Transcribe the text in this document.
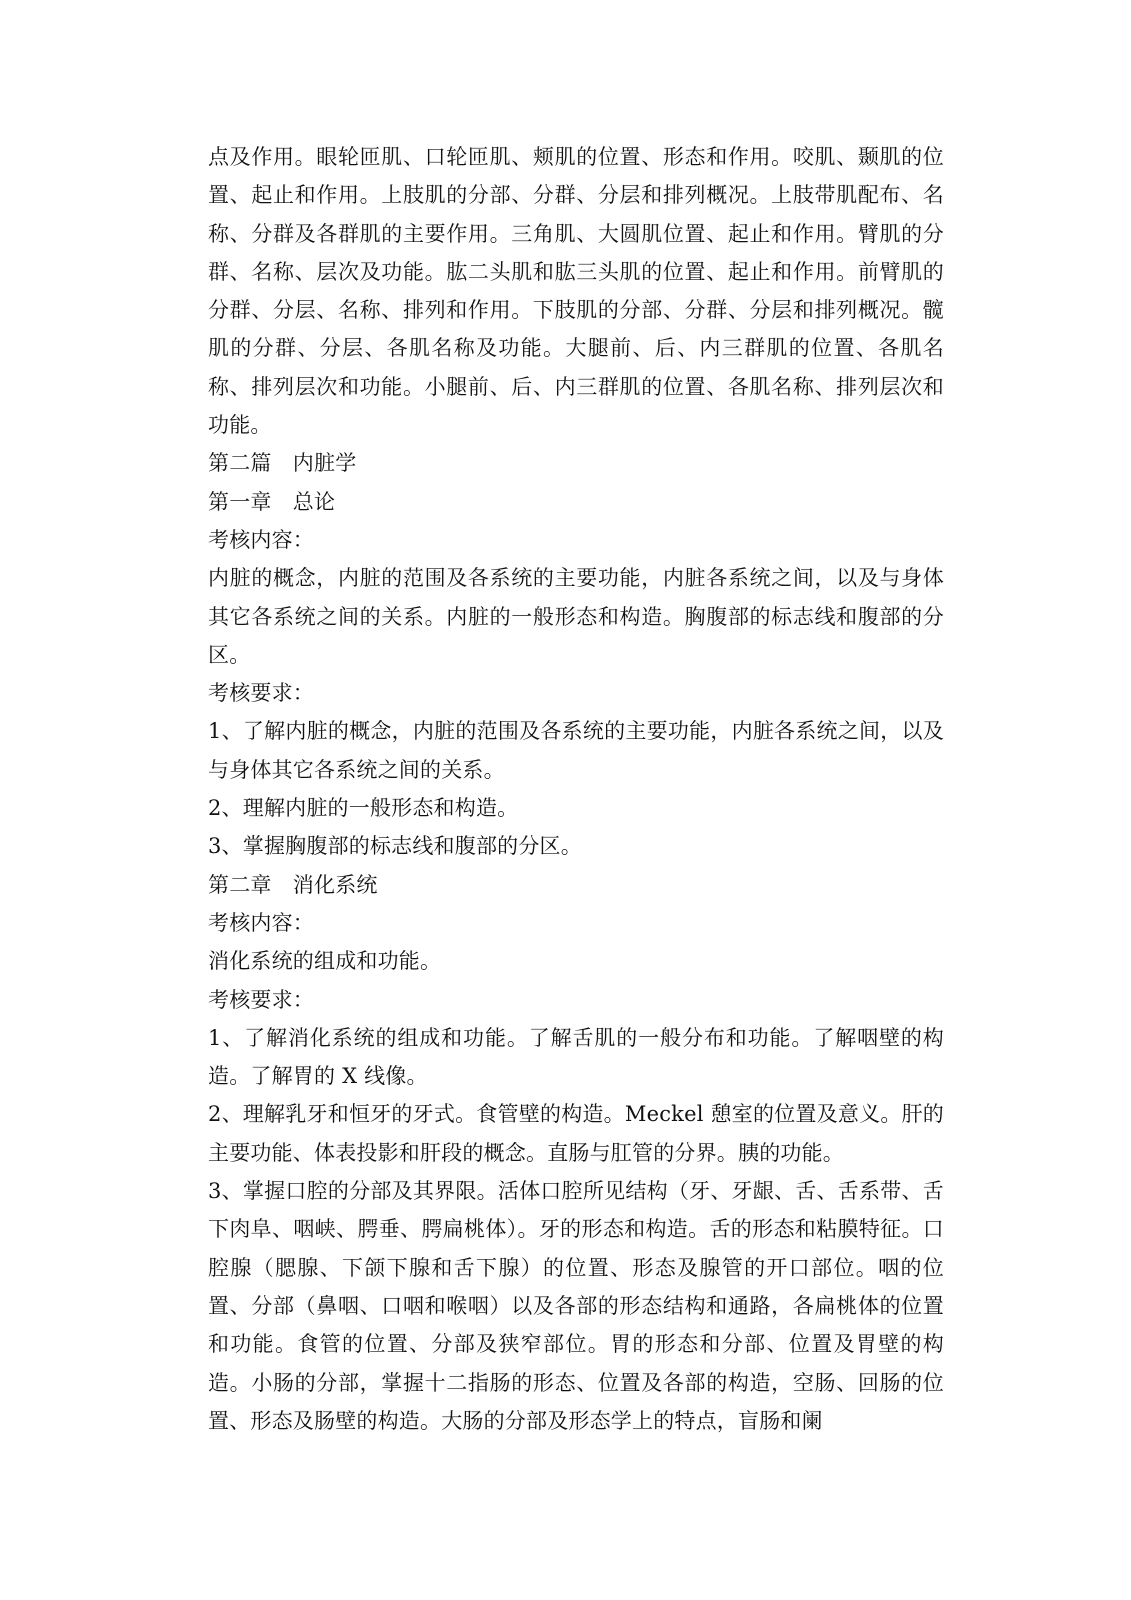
点及作用。眼轮匝肌、口轮匝肌、颊肌的位置、形态和作用。咬肌、颞肌的位置、起止和作用。上肢肌的分部、分群、分层和排列概况。上肢带肌配布、名称、分群及各群肌的主要作用。三角肌、大圆肌位置、起止和作用。臂肌的分群、名称、层次及功能。肱二头肌和肱三头肌的位置、起止和作用。前臂肌的分群、分层、名称、排列和作用。下肢肌的分部、分群、分层和排列概况。髋肌的分群、分层、各肌名称及功能。大腿前、后、内三群肌的位置、各肌名称、排列层次和功能。小腿前、后、内三群肌的位置、各肌名称、排列层次和功能。

第二篇　内脏学

第一章　总论

考核内容：

内脏的概念，内脏的范围及各系统的主要功能，内脏各系统之间，以及与身体其它各系统之间的关系。内脏的一般形态和构造。胸腹部的标志线和腹部的分区。

考核要求：

1、了解内脏的概念，内脏的范围及各系统的主要功能，内脏各系统之间，以及与身体其它各系统之间的关系。

2、理解内脏的一般形态和构造。

3、掌握胸腹部的标志线和腹部的分区。

第二章　消化系统

考核内容：

消化系统的组成和功能。

考核要求：

1、了解消化系统的组成和功能。了解舌肌的一般分布和功能。了解咽壁的构造。了解胃的 X 线像。

2、理解乳牙和恒牙的牙式。食管壁的构造。Meckel 憩室的位置及意义。肝的主要功能、体表投影和肝段的概念。直肠与肛管的分界。胰的功能。

3、掌握口腔的分部及其界限。活体口腔所见结构（牙、牙龈、舌、舌系带、舌下肉阜、咽峡、腭垂、腭扁桃体）。牙的形态和构造。舌的形态和粘膜特征。口腔腺（腮腺、下颌下腺和舌下腺）的位置、形态及腺管的开口部位。咽的位置、分部（鼻咽、口咽和喉咽）以及各部的形态结构和通路，各扁桃体的位置和功能。食管的位置、分部及狭窄部位。胃的形态和分部、位置及胃壁的构造。小肠的分部，掌握十二指肠的形态、位置及各部的构造，空肠、回肠的位置、形态及肠壁的构造。大肠的分部及形态学上的特点，盲肠和阑
